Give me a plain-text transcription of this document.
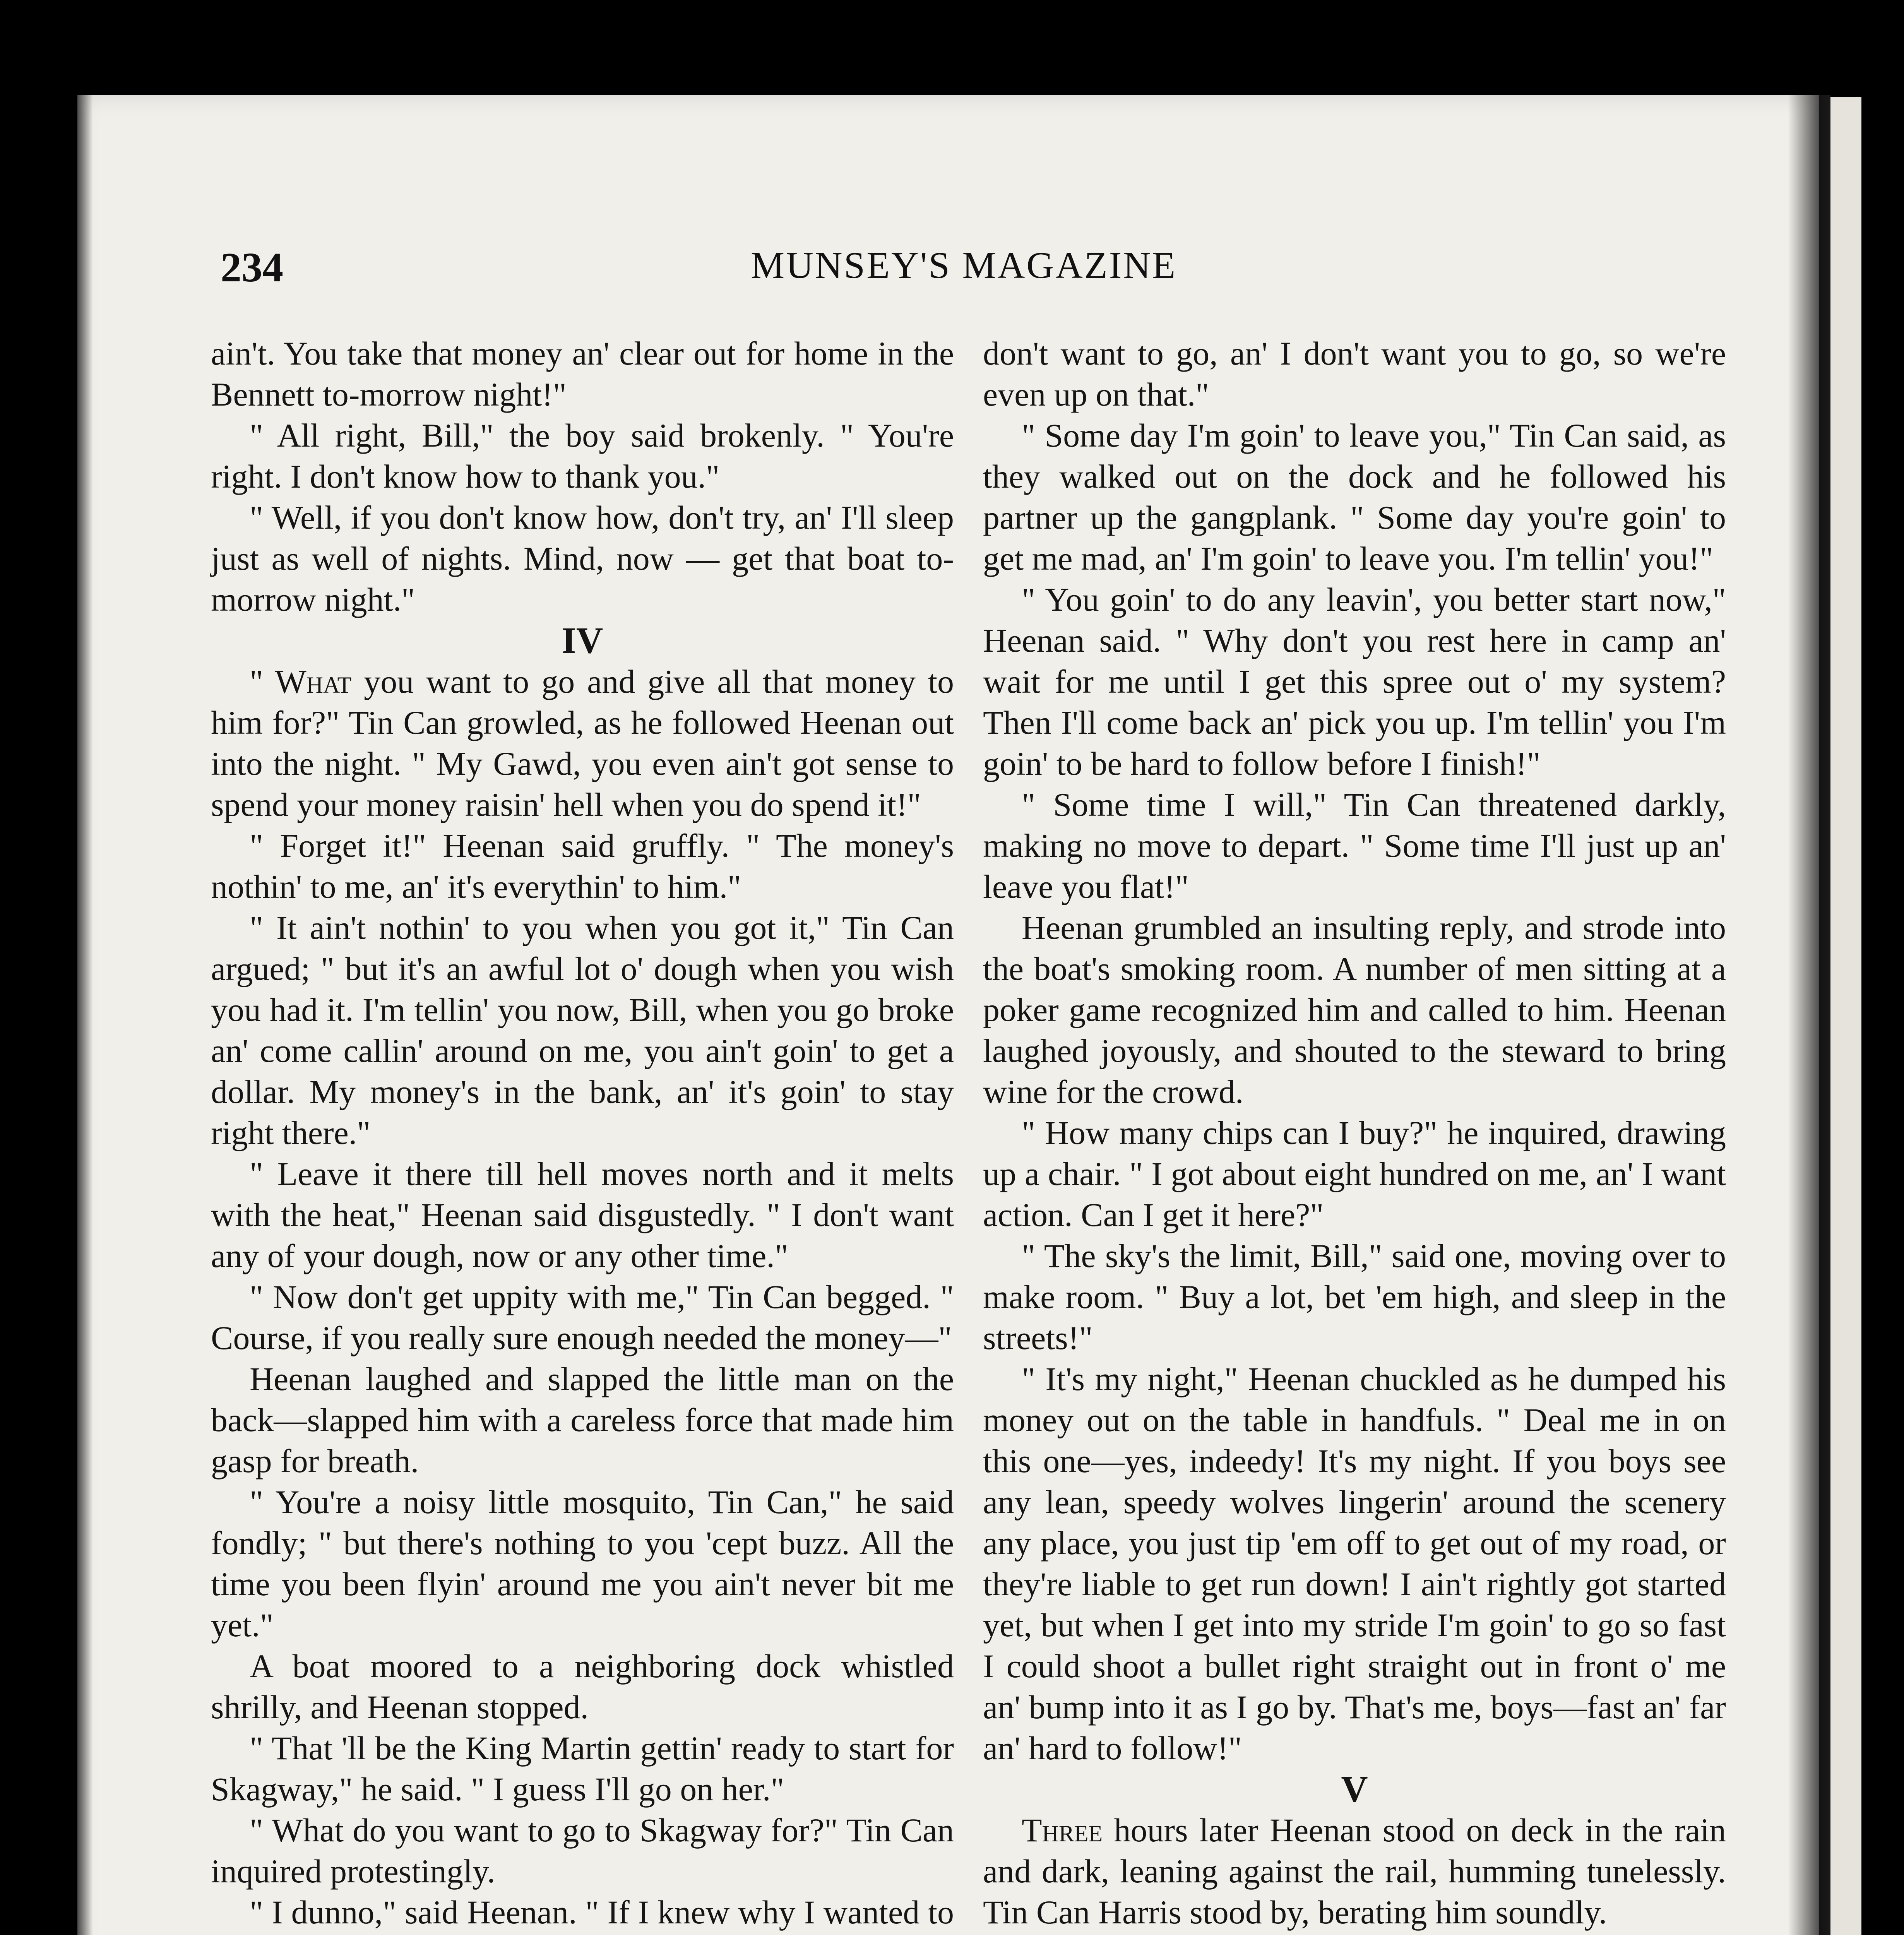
234	MUNSEY'S MAGAZINE

ain't. You take that money an' clear out for home in the Bennett to-morrow night!"

" All right, Bill," the boy said brokenly. " You're right. I don't know how to thank you."

" Well, if you don't know how, don't try, an' I'll sleep just as well of nights. Mind, now — get that boat to-morrow night."

IV

" What you want to go and give all that money to him for?" Tin Can growled, as he followed Heenan out into the night. " My Gawd, you even ain't got sense to spend your money raisin' hell when you do spend it!"

" Forget it!" Heenan said gruffly. " The money's nothin' to me, an' it's everythin' to him."

" It ain't nothin' to you when you got it," Tin Can argued; " but it's an awful lot o' dough when you wish you had it. I'm tellin' you now, Bill, when you go broke an' come callin' around on me, you ain't goin' to get a dollar. My money's in the bank, an' it's goin' to stay right there."

" Leave it there till hell moves north and it melts with the heat," Heenan said disgustedly. " I don't want any of your dough, now or any other time."

" Now don't get uppity with me," Tin Can begged. " Course, if you really sure enough needed the money—"

Heenan laughed and slapped the little man on the back—slapped him with a careless force that made him gasp for breath.

" You're a noisy little mosquito, Tin Can," he said fondly; " but there's nothing to you 'cept buzz. All the time you been flyin' around me you ain't never bit me yet."

A boat moored to a neighboring dock whistled shrilly, and Heenan stopped.

" That 'll be the King Martin gettin' ready to start for Skagway," he said. " I guess I'll go on her."

" What do you want to go to Skagway for?" Tin Can inquired protestingly.

" I dunno," said Heenan. " If I knew why I wanted to

don't want to go, an' I don't want you to go, so we're even up on that."

" Some day I'm goin' to leave you," Tin Can said, as they walked out on the dock and he followed his partner up the gangplank. " Some day you're goin' to get me mad, an' I'm goin' to leave you. I'm tellin' you!"

" You goin' to do any leavin', you better start now," Heenan said. " Why don't you rest here in camp an' wait for me until I get this spree out o' my system? Then I'll come back an' pick you up. I'm tellin' you I'm goin' to be hard to follow before I finish!"

" Some time I will," Tin Can threatened darkly, making no move to depart. " Some time I'll just up an' leave you flat!"

Heenan grumbled an insulting reply, and strode into the boat's smoking room. A number of men sitting at a poker game recognized him and called to him. Heenan laughed joyously, and shouted to the steward to bring wine for the crowd.

" How many chips can I buy?" he inquired, drawing up a chair. " I got about eight hundred on me, an' I want action. Can I get it here?"

" The sky's the limit, Bill," said one, moving over to make room. " Buy a lot, bet 'em high, and sleep in the streets!"

" It's my night," Heenan chuckled as he dumped his money out on the table in handfuls. " Deal me in on this one—yes, indeedy! It's my night. If you boys see any lean, speedy wolves lingerin' around the scenery any place, you just tip 'em off to get out of my road, or they're liable to get run down! I ain't rightly got started yet, but when I get into my stride I'm goin' to go so fast I could shoot a bullet right straight out in front o' me an' bump into it as I go by. That's me, boys—fast an' far an' hard to follow!"

V

Three hours later Heenan stood on deck in the rain and dark, leaning against the rail, humming tunelessly. Tin Can Harris stood by, berating him soundly.
